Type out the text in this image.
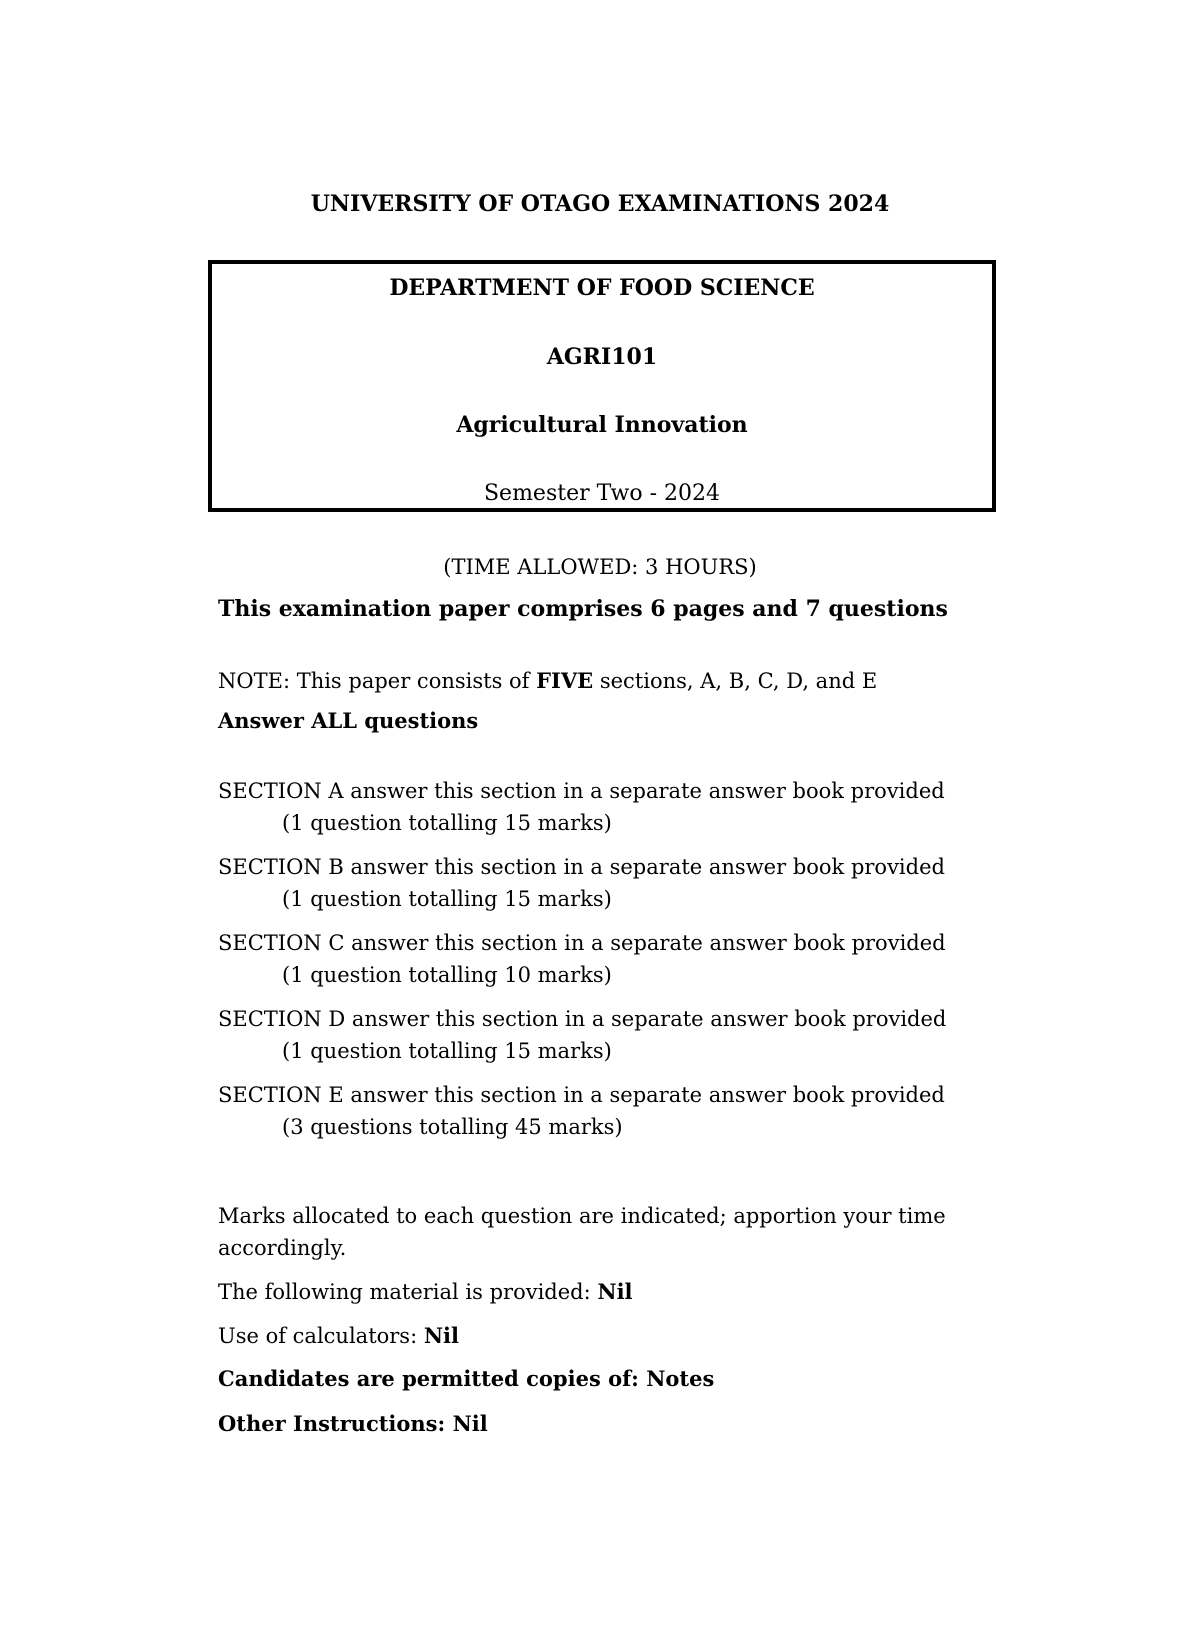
UNIVERSITY OF OTAGO EXAMINATIONS 2024
DEPARTMENT OF FOOD SCIENCE
AGRI101
Agricultural Innovation
Semester Two - 2024
(TIME ALLOWED: 3 HOURS)
This examination paper comprises 6 pages and 7 questions
NOTE: This paper consists of FIVE sections, A, B, C, D, and E
Answer ALL questions
SECTION A answer this section in a separate answer book provided
(1 question totalling 15 marks)
SECTION B answer this section in a separate answer book provided
(1 question totalling 15 marks)
SECTION C answer this section in a separate answer book provided
(1 question totalling 10 marks)
SECTION D answer this section in a separate answer book provided
(1 question totalling 15 marks)
SECTION E answer this section in a separate answer book provided
(3 questions totalling 45 marks)
Marks allocated to each question are indicated; apportion your time accordingly.
The following material is provided: Nil
Use of calculators: Nil
Candidates are permitted copies of: Notes
Other Instructions: Nil
